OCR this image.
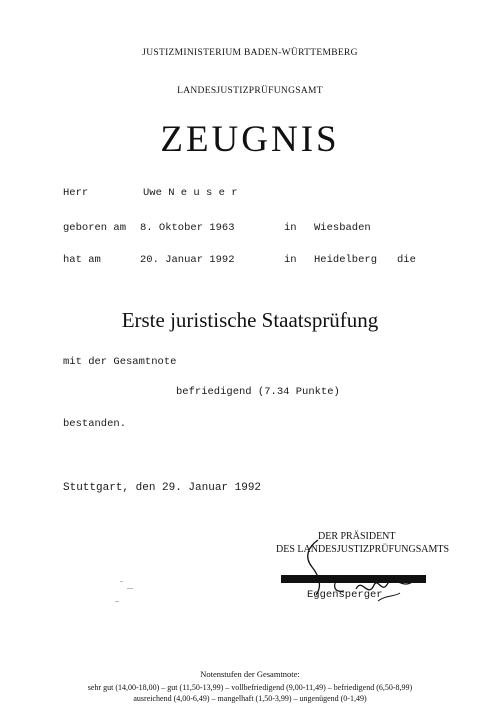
JUSTIZMINISTERIUM BADEN-WÜRTTEMBERG
LANDESJUSTIZPRÜFUNGSAMT
ZEUGNIS
Herr	Uwe N e u s e r
geboren am 8. Oktober 1963	in Wiesbaden
hat am	20. Januar 1992	in Heidelberg die
Erste juristische Staatsprüfung
mit der Gesamtnote
befriedigend (7.34 Punkte)
bestanden.
Stuttgart, den 29. Januar 1992
DER PRÄSIDENT
DES LANDESJUSTIZPRÜFUNGSAMTS
Eggensperger
Notenstufen der Gesamtnote:
sehr gut (14,00-18,00) – gut (11,50-13,99) – vollbefriedigend (9,00-11,49) – befriedigend (6,50-8,99)
ausreichend (4,00-6,49) – mangelhaft (1,50-3,99) – ungenügend (0-1,49)
